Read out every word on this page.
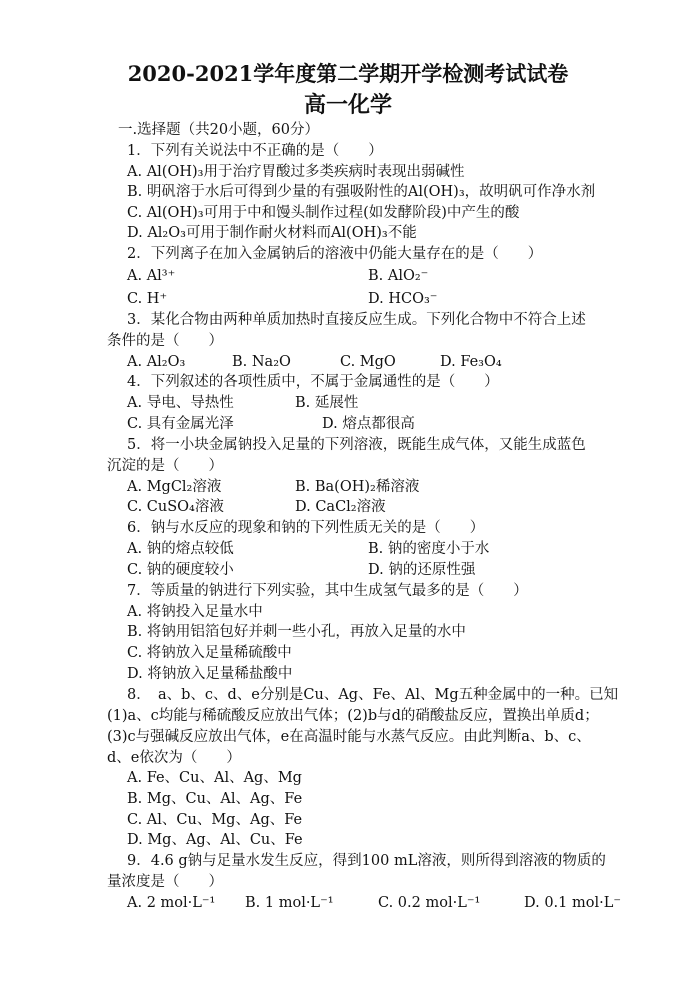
2020-2021学年度第二学期开学检测考试试卷
高一化学
一.选择题（共20小题，60分）
1．下列有关说法中不正确的是（　　）
A. Al(OH)₃用于治疗胃酸过多类疾病时表现出弱碱性
B. 明矾溶于水后可得到少量的有强吸附性的Al(OH)₃，故明矾可作净水剂
C. Al(OH)₃可用于中和馒头制作过程(如发酵阶段)中产生的酸
D. Al₂O₃可用于制作耐火材料而Al(OH)₃不能
2．下列离子在加入金属钠后的溶液中仍能大量存在的是（　　）
A. Al³⁺	B. AlO₂⁻
C. H⁺	D. HCO₃⁻
3．某化合物由两种单质加热时直接反应生成。下列化合物中不符合上述
条件的是（　　）
A. Al₂O₃	B. Na₂O	C. MgO	D. Fe₃O₄
4．下列叙述的各项性质中，不属于金属通性的是（　　）
A. 导电、导热性	B. 延展性
C. 具有金属光泽	D. 熔点都很高
5．将一小块金属钠投入足量的下列溶液，既能生成气体，又能生成蓝色
沉淀的是（　　）
A. MgCl₂溶液	B. Ba(OH)₂稀溶液
C. CuSO₄溶液	D. CaCl₂溶液
6．钠与水反应的现象和钠的下列性质无关的是（　　）
A. 钠的熔点较低	B. 钠的密度小于水
C. 钠的硬度较小	D. 钠的还原性强
7．等质量的钠进行下列实验，其中生成氢气最多的是（　　）
A. 将钠投入足量水中
B. 将钠用铝箔包好并刺一些小孔，再放入足量的水中
C. 将钠放入足量稀硫酸中
D. 将钠放入足量稀盐酸中
8．　a、b、c、d、e分别是Cu、Ag、Fe、Al、Mg五种金属中的一种。已知
(1)a、c均能与稀硫酸反应放出气体；(2)b与d的硝酸盐反应，置换出单质d；
(3)c与强碱反应放出气体，e在高温时能与水蒸气反应。由此判断a、b、c、
d、e依次为（　　）
A. Fe、Cu、Al、Ag、Mg
B. Mg、Cu、Al、Ag、Fe
C. Al、Cu、Mg、Ag、Fe
D. Mg、Ag、Al、Cu、Fe
9．4.6 g钠与足量水发生反应，得到100 mL溶液，则所得到溶液的物质的
量浓度是（　　）
A. 2 mol·L⁻¹ B. 1 mol·L⁻¹	C. 0.2 mol·L⁻¹	D. 0.1 mol·L⁻
